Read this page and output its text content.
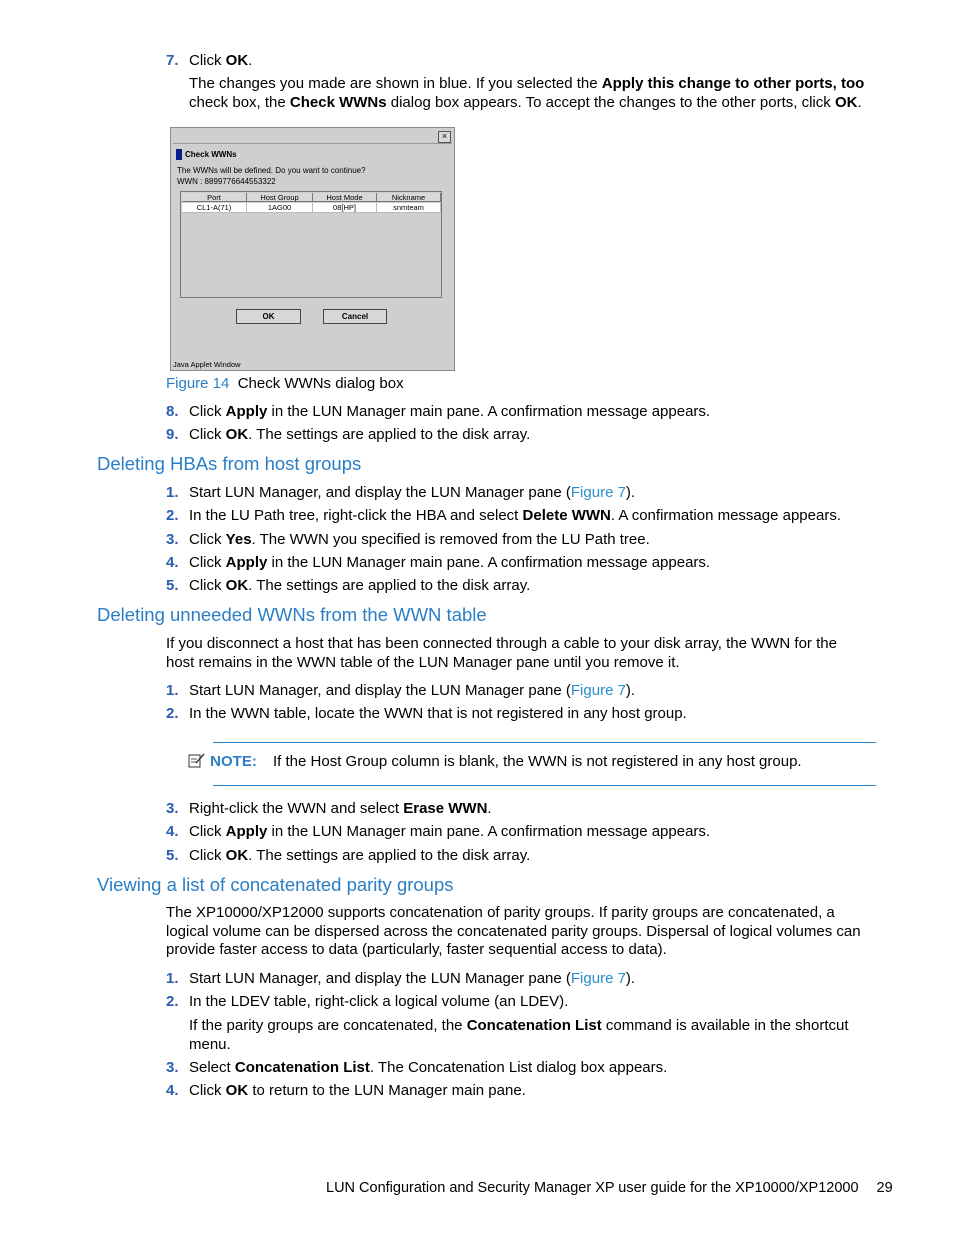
7. Click OK.
The changes you made are shown in blue. If you selected the Apply this change to other ports, too
check box, the Check WWNs dialog box appears. To accept the changes to the other ports, click OK.
×
Check WWNs
The WWNs will be defined. Do you want to continue?
WWN : 8899776644553322
Port	Host Group	Host Mode	Nickname
CL1-A(71)	1AG00	08[HP]	snmteam
OK	Cancel
Java Applet Window
Figure 14 Check WWNs dialog box
8. Click Apply in the LUN Manager main pane. A confirmation message appears.
9. Click OK. The settings are applied to the disk array.
Deleting HBAs from host groups
1. Start LUN Manager, and display the LUN Manager pane (Figure 7).
2. In the LU Path tree, right-click the HBA and select Delete WWN. A confirmation message appears.
3. Click Yes. The WWN you specified is removed from the LU Path tree.
4. Click Apply in the LUN Manager main pane. A confirmation message appears.
5. Click OK. The settings are applied to the disk array.
Deleting unneeded WWNs from the WWN table
If you disconnect a host that has been connected through a cable to your disk array, the WWN for the
host remains in the WWN table of the LUN Manager pane until you remove it.
1. Start LUN Manager, and display the LUN Manager pane (Figure 7).
2. In the WWN table, locate the WWN that is not registered in any host group.
NOTE: If the Host Group column is blank, the WWN is not registered in any host group.
3. Right-click the WWN and select Erase WWN.
4. Click Apply in the LUN Manager main pane. A confirmation message appears.
5. Click OK. The settings are applied to the disk array.
Viewing a list of concatenated parity groups
The XP10000/XP12000 supports concatenation of parity groups. If parity groups are concatenated, a
logical volume can be dispersed across the concatenated parity groups. Dispersal of logical volumes can
provide faster access to data (particularly, faster sequential access to data).
1. Start LUN Manager, and display the LUN Manager pane (Figure 7).
2. In the LDEV table, right-click a logical volume (an LDEV).
If the parity groups are concatenated, the Concatenation List command is available in the shortcut
menu.
3. Select Concatenation List. The Concatenation List dialog box appears.
4. Click OK to return to the LUN Manager main pane.
LUN Configuration and Security Manager XP user guide for the XP10000/XP12000 29
